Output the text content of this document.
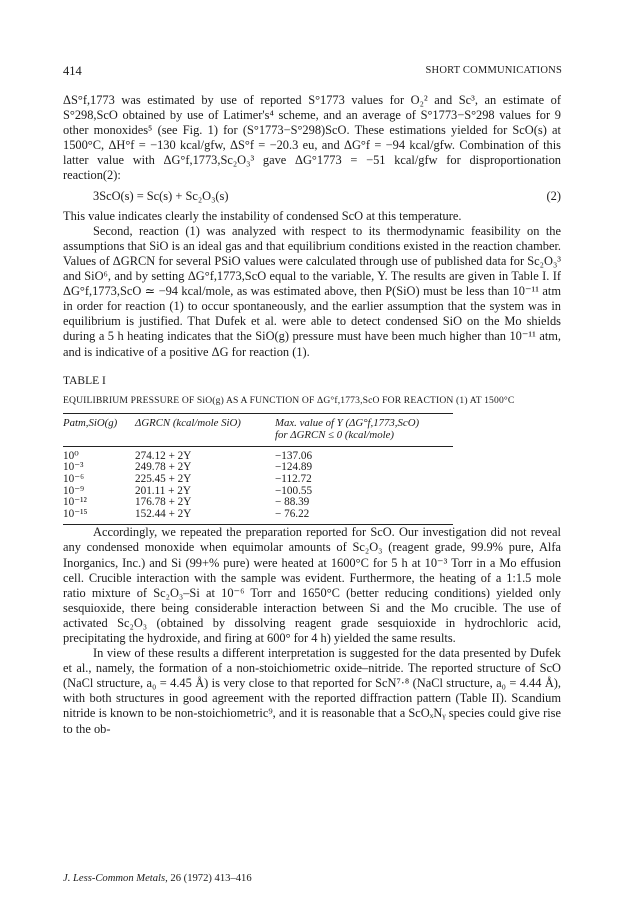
414	SHORT COMMUNICATIONS

ΔS°f,1773 was estimated by use of reported S°1773 values for O₂² and Sc³, an estimate of S°298,ScO obtained by use of Latimer's⁴ scheme, and an average of S°1773−S°298 values for 9 other monoxides⁵ (see Fig. 1) for (S°1773−S°298)ScO. These estimations yielded for ScO(s) at 1500°C, ΔH°f = −130 kcal/gfw, ΔS°f = −20.3 eu, and ΔG°f = −94 kcal/gfw. Combination of this latter value with ΔG°f,1773,Sc₂O₃³ gave ΔG°1773 = −51 kcal/gfw for disproportionation reaction(2):

3ScO(s) = Sc(s) + Sc₂O₃(s)	(2)

This value indicates clearly the instability of condensed ScO at this temperature.

Second, reaction (1) was analyzed with respect to its thermodynamic feasibility on the assumptions that SiO is an ideal gas and that equilibrium conditions existed in the reaction chamber. Values of ΔGRCN for several PSiO values were calculated through use of published data for Sc₂O₃³ and SiO⁶, and by setting ΔG°f,1773,ScO equal to the variable, Y. The results are given in Table I. If ΔG°f,1773,ScO ≃ −94 kcal/mole, as was estimated above, then P(SiO) must be less than 10⁻¹¹ atm in order for reaction (1) to occur spontaneously, and the earlier assumption that the system was in equilibrium is justified. That Dufek et al. were able to detect condensed SiO on the Mo shields during a 5 h heating indicates that the SiO(g) pressure must have been much higher than 10⁻¹¹ atm, and is indicative of a positive ΔG for reaction (1).

TABLE I
EQUILIBRIUM PRESSURE OF SiO(g) AS A FUNCTION OF ΔG°f,1773,ScO FOR REACTION (1) AT 1500°C
Patm,SiO(g)	ΔGRCN (kcal/mole SiO)	Max. value of Y (ΔG°f,1773,ScO)
for ΔGRCN ≤ 0 (kcal/mole)

10⁰	274.12 + 2Y	−137.06
10⁻³	249.78 + 2Y	−124.89
10⁻⁶	225.45 + 2Y	−112.72
10⁻⁹	201.11 + 2Y	−100.55
10⁻¹²	176.78 + 2Y	− 88.39
10⁻¹⁵	152.44 + 2Y	− 76.22

Accordingly, we repeated the preparation reported for ScO. Our investigation did not reveal any condensed monoxide when equimolar amounts of Sc₂O₃ (reagent grade, 99.9% pure, Alfa Inorganics, Inc.) and Si (99+% pure) were heated at 1600°C for 5 h at 10⁻³ Torr in a Mo effusion cell. Crucible interaction with the sample was evident. Furthermore, the heating of a 1:1.5 mole ratio mixture of Sc₂O₃–Si at 10⁻⁶ Torr and 1650°C (better reducing conditions) yielded only sesquioxide, there being considerable interaction between Si and the Mo crucible. The use of activated Sc₂O₃ (obtained by dissolving reagent grade sesquioxide in hydrochloric acid, precipitating the hydroxide, and firing at 600° for 4 h) yielded the same results.

In view of these results a different interpretation is suggested for the data presented by Dufek et al., namely, the formation of a non-stoichiometric oxide–nitride. The reported structure of ScO (NaCl structure, a₀ = 4.45 Å) is very close to that reported for ScN⁷·⁸ (NaCl structure, a₀ = 4.44 Å), with both structures in good agreement with the reported diffraction pattern (Table II). Scandium nitride is known to be non-stoichiometric⁹, and it is reasonable that a ScOₓNᵧ species could give rise to the ob-

J. Less-Common Metals, 26 (1972) 413–416
